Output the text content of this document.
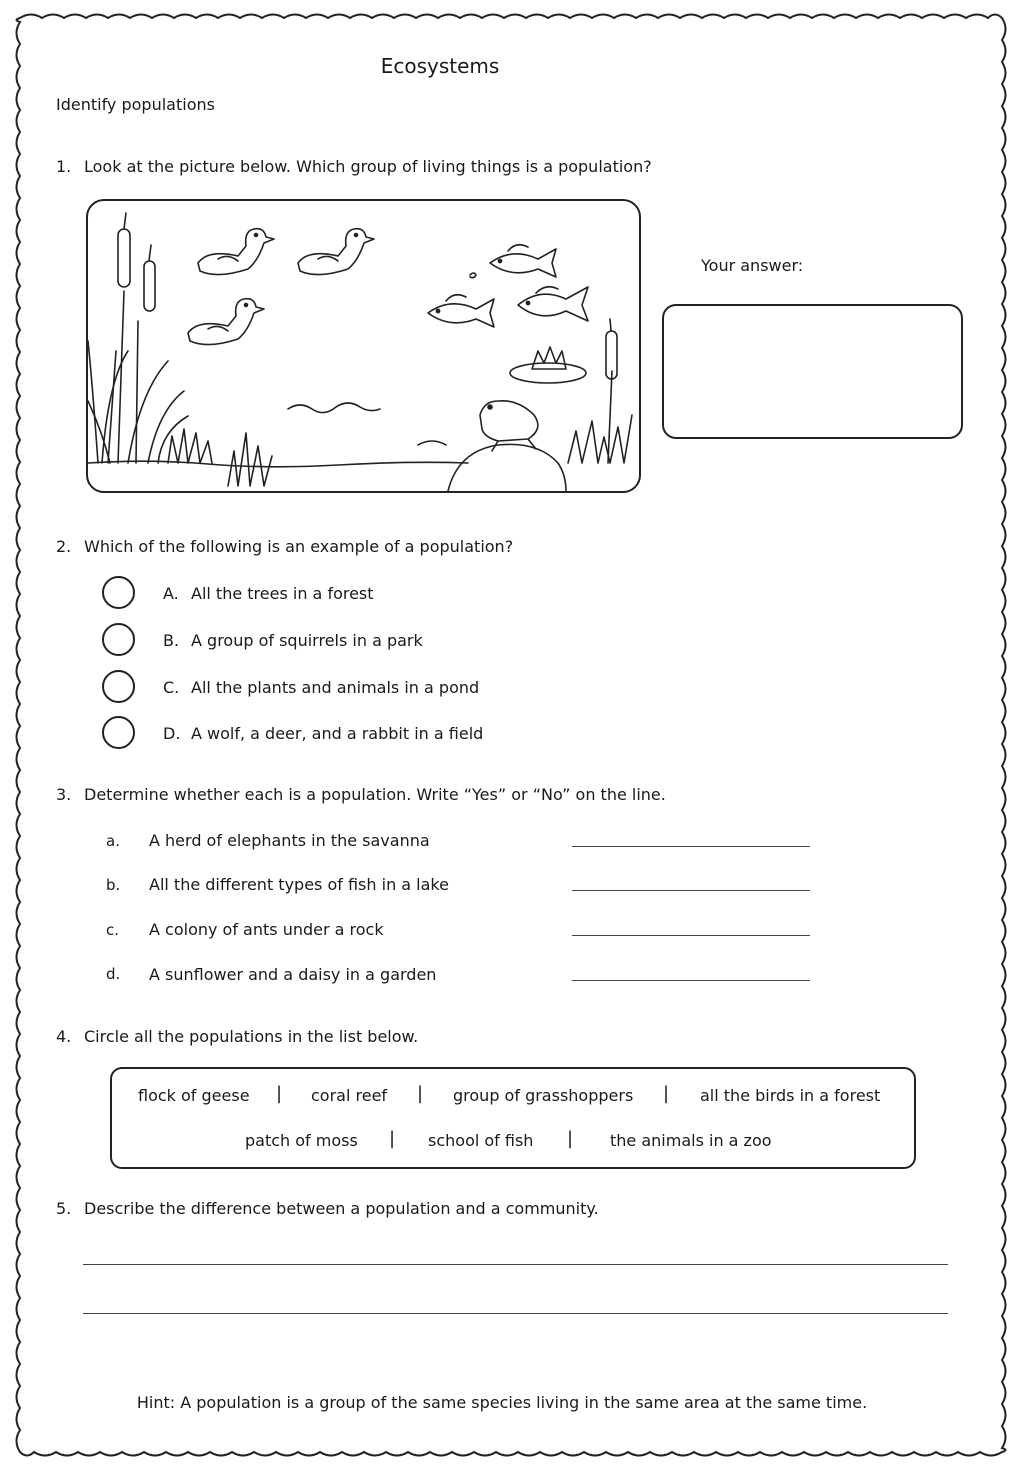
Ecosystems
Identify populations
1. Look at the picture below. Which group of living things is a population?
Your answer:
2. Which of the following is an example of a population?
A. All the trees in a forest
B. A group of squirrels in a park
C. All the plants and animals in a pond
D. A wolf, a deer, and a rabbit in a field
3. Determine whether each is a population. Write “Yes” or “No” on the line.
a. A herd of elephants in the savanna
b. All the different types of fish in a lake
c. A colony of ants under a rock
d. A sunflower and a daisy in a garden
4. Circle all the populations in the list below.
flock of geese | coral reef | group of grasshoppers | all the birds in a forest
patch of moss | school of fish | the animals in a zoo
5. Describe the difference between a population and a community.
Hint: A population is a group of the same species living in the same area at the same time.
